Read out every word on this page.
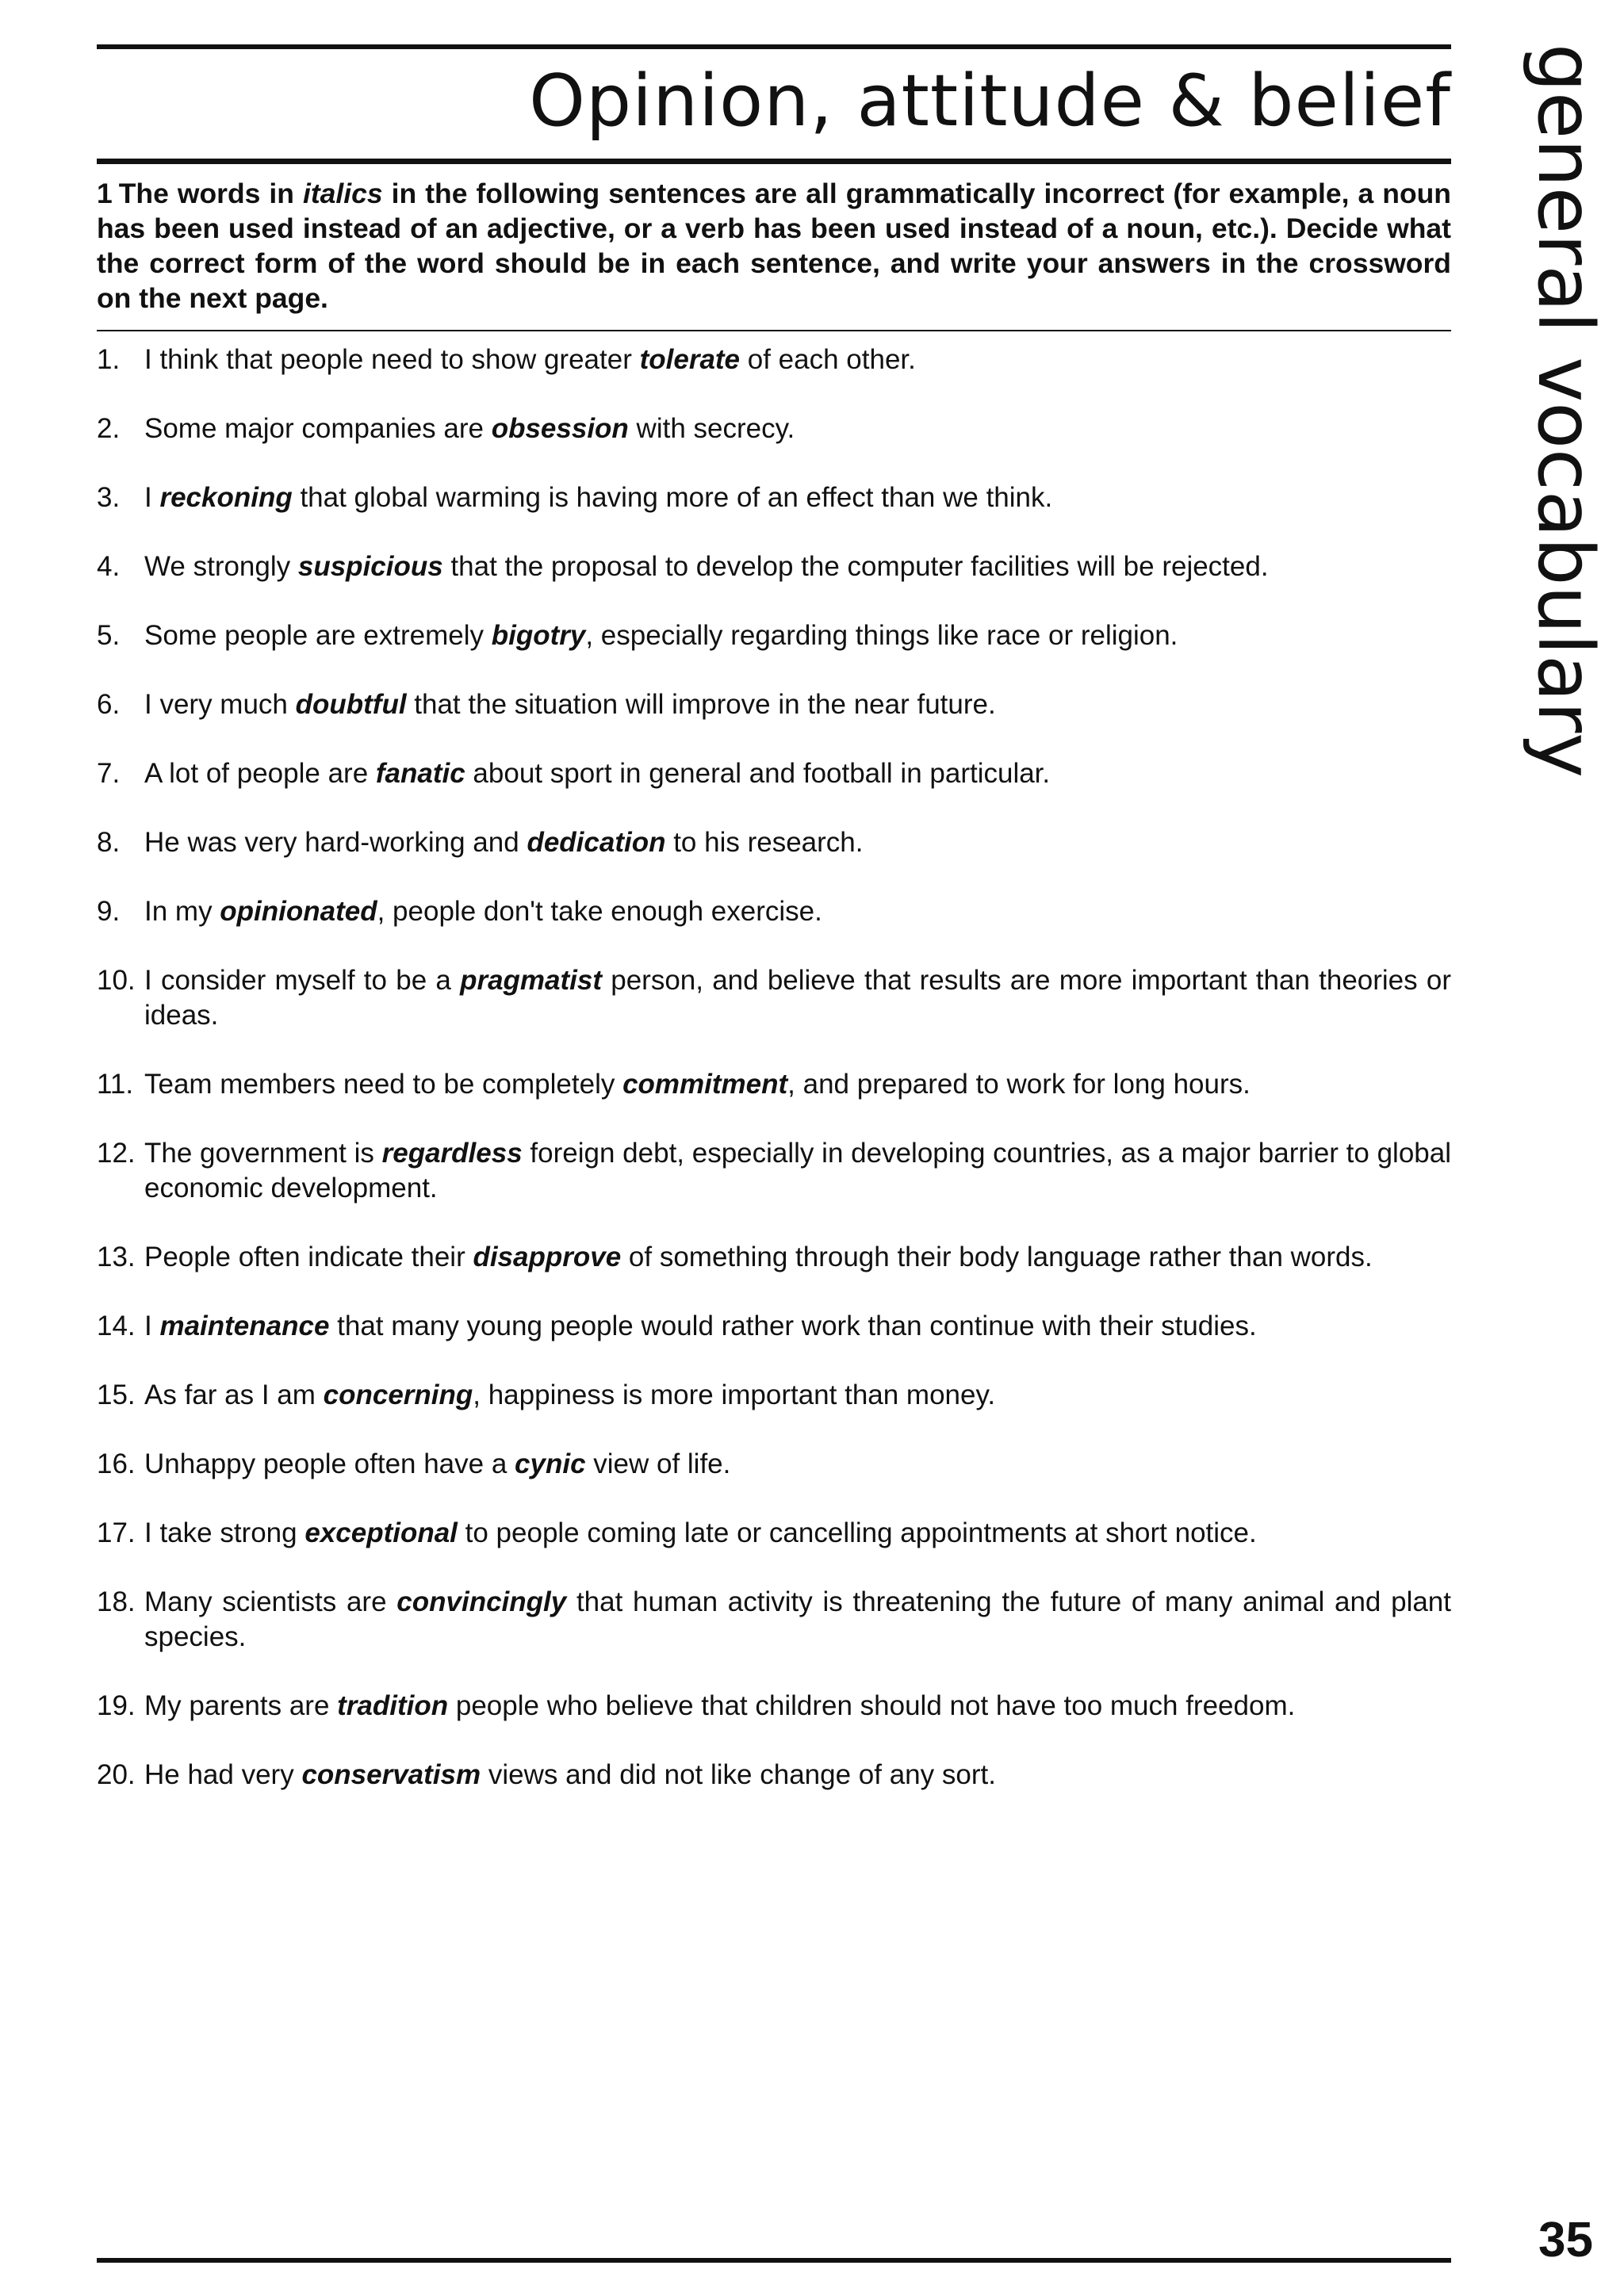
Opinion, attitude & belief

1 The words in italics in the following sentences are all grammatically incorrect (for example, a noun has been used instead of an adjective, or a verb has been used instead of a noun, etc.). Decide what the correct form of the word should be in each sentence, and write your answers in the crossword on the next page.

1. I think that people need to show greater tolerate of each other.
2. Some major companies are obsession with secrecy.
3. I reckoning that global warming is having more of an effect than we think.
4. We strongly suspicious that the proposal to develop the computer facilities will be rejected.
5. Some people are extremely bigotry, especially regarding things like race or religion.
6. I very much doubtful that the situation will improve in the near future.
7. A lot of people are fanatic about sport in general and football in particular.
8. He was very hard-working and dedication to his research.
9. In my opinionated, people don't take enough exercise.
10. I consider myself to be a pragmatist person, and believe that results are more important than theories or ideas.
11. Team members need to be completely commitment, and prepared to work for long hours.
12. The government is regardless foreign debt, especially in developing countries, as a major barrier to global economic development.
13. People often indicate their disapprove of something through their body language rather than words.
14. I maintenance that many young people would rather work than continue with their studies.
15. As far as I am concerning, happiness is more important than money.
16. Unhappy people often have a cynic view of life.
17. I take strong exceptional to people coming late or cancelling appointments at short notice.
18. Many scientists are convincingly that human activity is threatening the future of many animal and plant species.
19. My parents are tradition people who believe that children should not have too much freedom.
20. He had very conservatism views and did not like change of any sort.
general vocabulary

35
